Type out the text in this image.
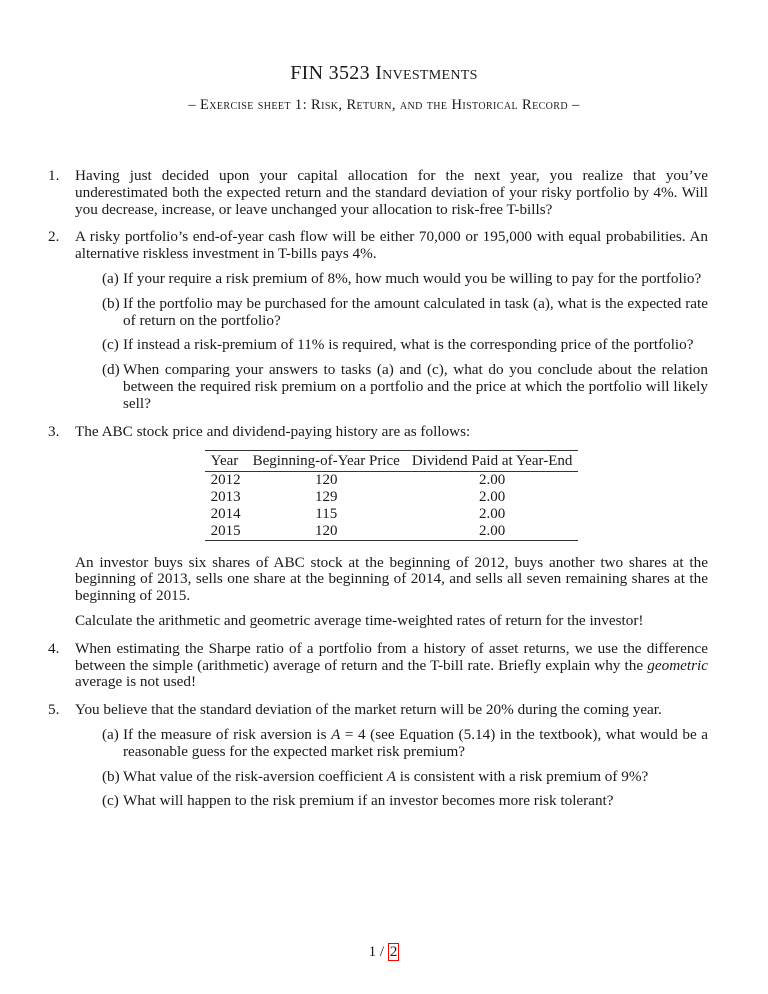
FIN 3523 Investments
– Exercise sheet 1: Risk, Return, and the Historical Record –
1. Having just decided upon your capital allocation for the next year, you realize that you’ve underestimated both the expected return and the standard deviation of your risky portfolio by 4%. Will you decrease, increase, or leave unchanged your allocation to risk-free T-bills?
2. A risky portfolio’s end-of-year cash flow will be either 70,000 or 195,000 with equal probabilities. An alternative riskless investment in T-bills pays 4%.
(a) If your require a risk premium of 8%, how much would you be willing to pay for the portfolio?
(b) If the portfolio may be purchased for the amount calculated in task (a), what is the expected rate of return on the portfolio?
(c) If instead a risk-premium of 11% is required, what is the corresponding price of the portfolio?
(d) When comparing your answers to tasks (a) and (c), what do you conclude about the relation between the required risk premium on a portfolio and the price at which the portfolio will likely sell?
3. The ABC stock price and dividend-paying history are as follows:
Year	Beginning-of-Year Price	Dividend Paid at Year-End
2012	120	2.00
2013	129	2.00
2014	115	2.00
2015	120	2.00
An investor buys six shares of ABC stock at the beginning of 2012, buys another two shares at the beginning of 2013, sells one share at the beginning of 2014, and sells all seven remaining shares at the beginning of 2015.
Calculate the arithmetic and geometric average time-weighted rates of return for the investor!
4. When estimating the Sharpe ratio of a portfolio from a history of asset returns, we use the difference between the simple (arithmetic) average of return and the T-bill rate. Briefly explain why the geometric average is not used!
5. You believe that the standard deviation of the market return will be 20% during the coming year.
(a) If the measure of risk aversion is A = 4 (see Equation (5.14) in the textbook), what would be a reasonable guess for the expected market risk premium?
(b) What value of the risk-aversion coefficient A is consistent with a risk premium of 9%?
(c) What will happen to the risk premium if an investor becomes more risk tolerant?
1 / 2
